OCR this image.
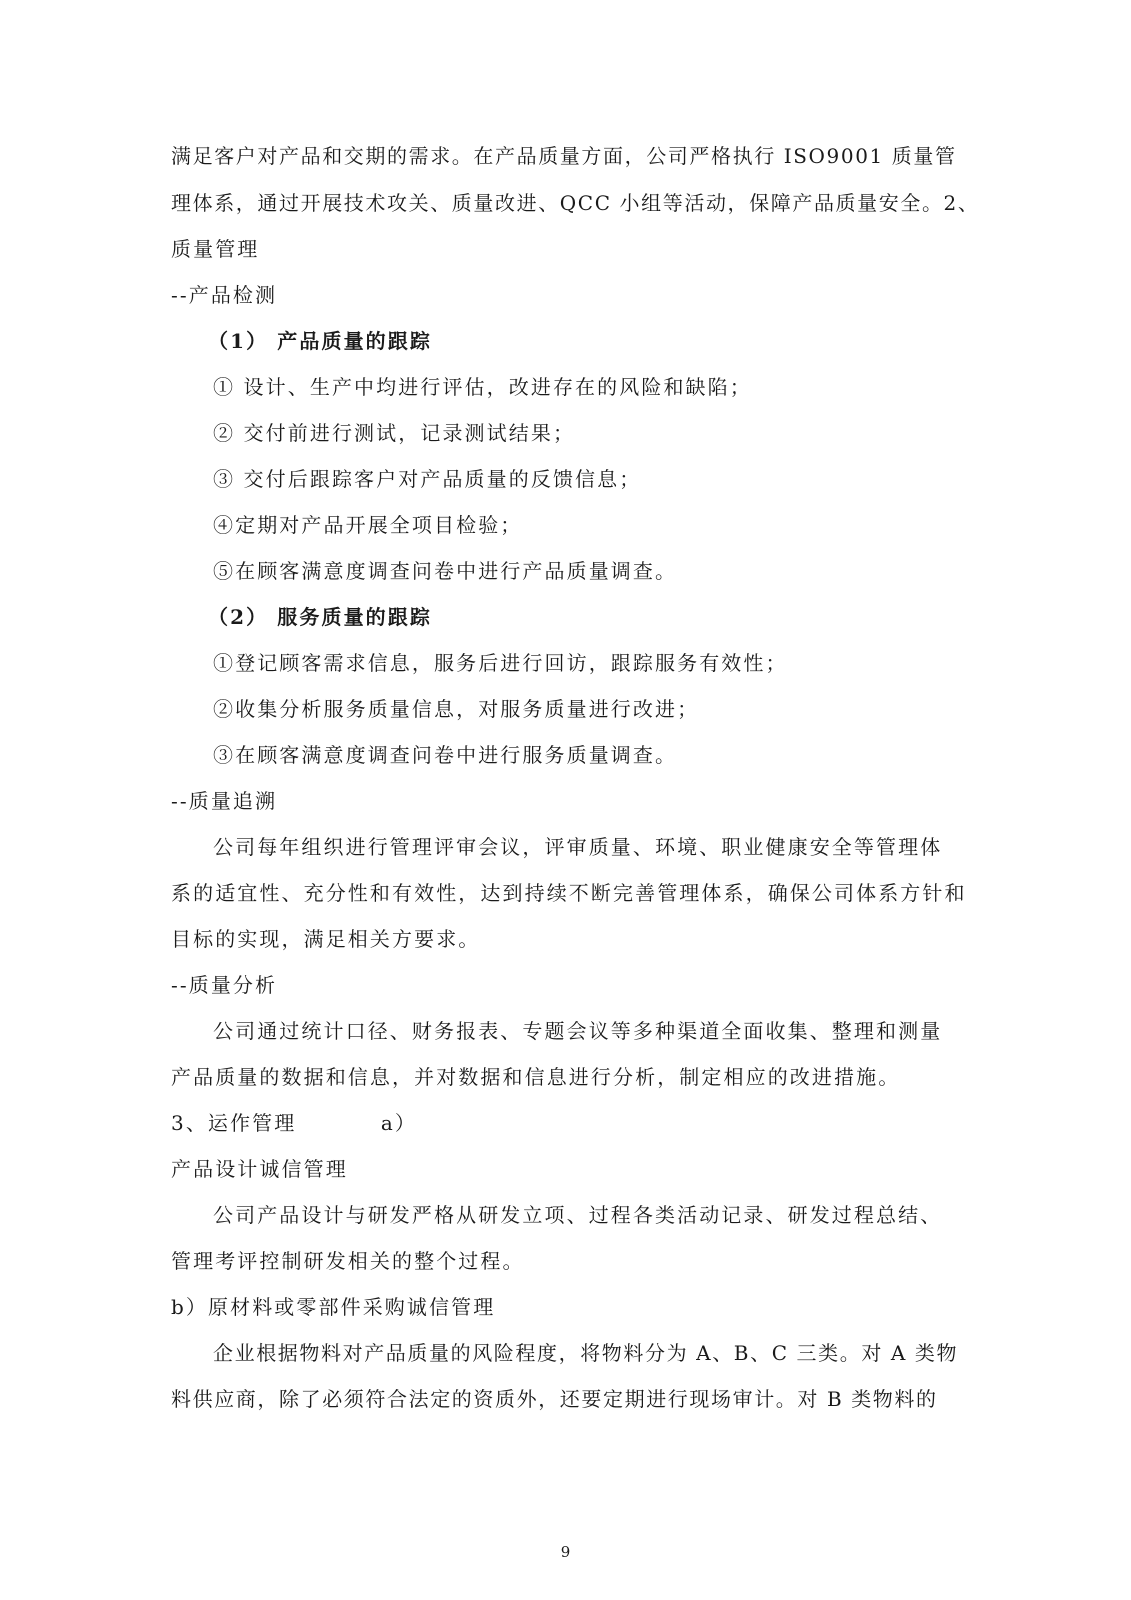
满足客户对产品和交期的需求。在产品质量方面，公司严格执行 ISO9001 质量管

理体系，通过开展技术攻关、质量改进、QCC 小组等活动，保障产品质量安全。2、

质量管理

--产品检测

（1） 产品质量的跟踪

① 设计、生产中均进行评估，改进存在的风险和缺陷；

② 交付前进行测试，记录测试结果；

③ 交付后跟踪客户对产品质量的反馈信息；

④定期对产品开展全项目检验；

⑤在顾客满意度调查问卷中进行产品质量调查。

（2） 服务质量的跟踪

①登记顾客需求信息，服务后进行回访，跟踪服务有效性；

②收集分析服务质量信息，对服务质量进行改进；

③在顾客满意度调查问卷中进行服务质量调查。

--质量追溯

公司每年组织进行管理评审会议，评审质量、环境、职业健康安全等管理体

系的适宜性、充分性和有效性，达到持续不断完善管理体系，确保公司体系方针和

目标的实现，满足相关方要求。

--质量分析

公司通过统计口径、财务报表、专题会议等多种渠道全面收集、整理和测量

产品质量的数据和信息，并对数据和信息进行分析，制定相应的改进措施。

3、运作管理          a）

产品设计诚信管理

公司产品设计与研发严格从研发立项、过程各类活动记录、研发过程总结、

管理考评控制研发相关的整个过程。

b）原材料或零部件采购诚信管理

企业根据物料对产品质量的风险程度，将物料分为 A、B、C 三类。对 A 类物

料供应商，除了必须符合法定的资质外，还要定期进行现场审计。对 B 类物料的

9
